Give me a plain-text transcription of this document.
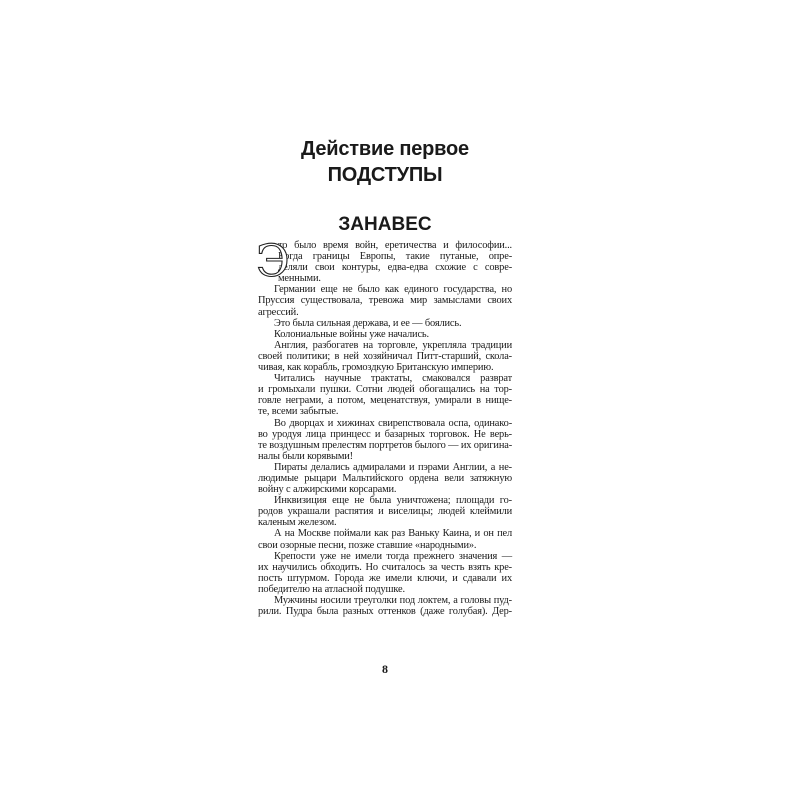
Действие первое
ПОДСТУПЫ
ЗАНАВЕС
Э
то было время войн, еретичества и философии...
Когда границы Европы, такие путаные, опре-
деляли свои контуры, едва-едва схожие с совре-
менными.
Германии еще не было как единого государства, но
Пруссия существовала, тревожа мир замыслами своих
агрессий.
Это была сильная держава, и ее — боялись.
Колониальные войны уже начались.
Англия, разбогатев на торговле, укрепляла традиции
своей политики; в ней хозяйничал Питт-старший, скола-
чивая, как корабль, громоздкую Британскую империю.
Читались научные трактаты, смаковался разврат
и громыхали пушки. Сотни людей обогащались на тор-
говле неграми, а потом, меценатствуя, умирали в нище-
те, всеми забытые.
Во дворцах и хижинах свирепствовала оспа, одинако-
во уродуя лица принцесс и базарных торговок. Не верь-
те воздушным прелестям портретов былого — их оригина-
налы были корявыми!
Пираты делались адмиралами и пэрами Англии, а не-
людимые рыцари Мальтийского ордена вели затяжную
войну с алжирскими корсарами.
Инквизиция еще не была уничтожена; площади го-
родов украшали распятия и виселицы; людей клеймили
каленым железом.
А на Москве поймали как раз Ваньку Каина, и он пел
свои озорные песни, позже ставшие «народными».
Крепости уже не имели тогда прежнего значения —
их научились обходить. Но считалось за честь взять кре-
пость штурмом. Города же имели ключи, и сдавали их
победителю на атласной подушке.
Мужчины носили треуголки под локтем, а головы пуд-
рили. Пудра была разных оттенков (даже голубая). Дер-
8
